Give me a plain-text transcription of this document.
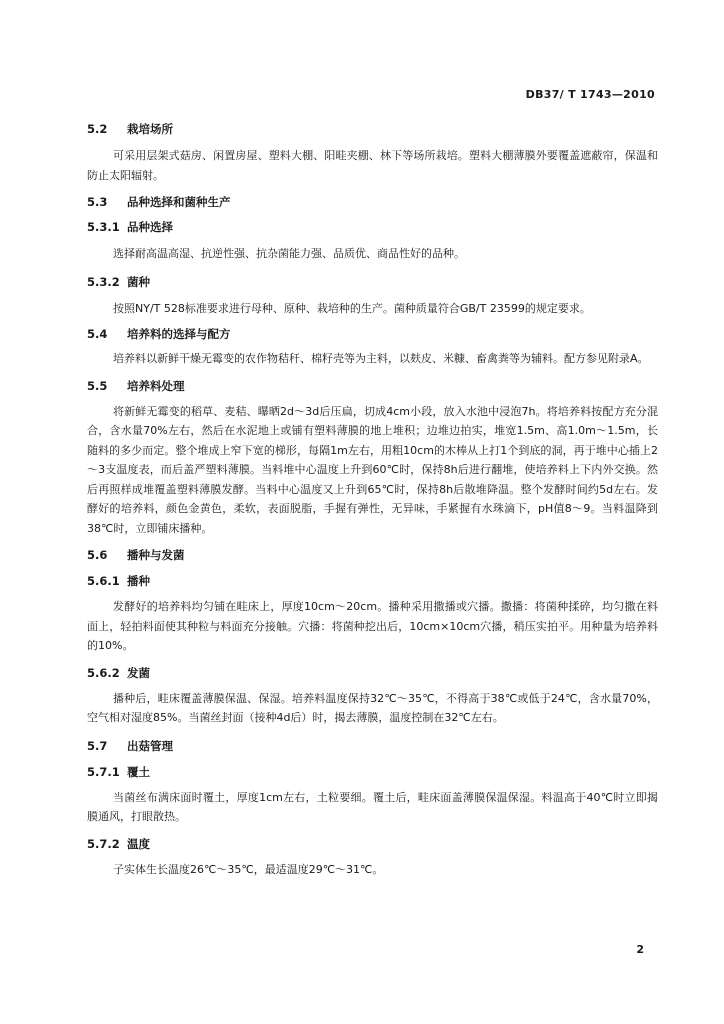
DB37/ T 1743—2010
5.2 栽培场所

可采用层架式菇房、闲置房屋、塑料大棚、阳畦夹棚、林下等场所栽培。塑料大棚薄膜外要覆盖遮蔽帘，保温和防止太阳辐射。

5.3 品种选择和菌种生产
5.3.1 品种选择

选择耐高温高湿、抗逆性强、抗杂菌能力强、品质优、商品性好的品种。

5.3.2 菌种

按照NY/T 528标准要求进行母种、原种、栽培种的生产。菌种质量符合GB/T 23599的规定要求。

5.4 培养料的选择与配方

培养料以新鲜干燥无霉变的农作物秸秆、棉籽壳等为主料，以麸皮、米糠、畜禽粪等为辅料。配方参见附录A。

5.5 培养料处理

将新鲜无霉变的稻草、麦秸、曝晒2d～3d后压扁，切成4cm小段，放入水池中浸泡7h。将培养料按配方充分混合，含水量70%左右，然后在水泥地上或铺有塑料薄膜的地上堆积；边堆边拍实，堆宽1.5m、高1.0m～1.5m，长随料的多少而定。整个堆成上窄下宽的梯形，每隔1m左右，用粗10cm的木棒从上打1个到底的洞，再于堆中心插上2～3支温度表，而后盖严塑料薄膜。当料堆中心温度上升到60℃时，保持8h后进行翻堆，使培养料上下内外交换。然后再照样成堆覆盖塑料薄膜发酵。当料中心温度又上升到65℃时，保持8h后散堆降温。整个发酵时间约5d左右。发酵好的培养料，颜色金黄色，柔软，表面脱脂，手握有弹性，无异味，手紧握有水珠滴下，pH值8～9。当料温降到38℃时，立即铺床播种。

5.6 播种与发菌
5.6.1 播种

发酵好的培养料均匀铺在畦床上，厚度10cm～20cm。播种采用撒播或穴播。撒播：将菌种揉碎，均匀撒在料面上，轻拍料面使其种粒与料面充分接触。穴播：将菌种挖出后，10cm×10cm穴播，稍压实拍平。用种量为培养料的10%。

5.6.2 发菌

播种后，畦床覆盖薄膜保温、保湿。培养料温度保持32℃～35℃，不得高于38℃或低于24℃，含水量70%，空气相对湿度85%。当菌丝封面（接种4d后）时，揭去薄膜，温度控制在32℃左右。

5.7 出菇管理
5.7.1 覆土

当菌丝布满床面时覆土，厚度1cm左右，土粒要细。覆土后，畦床面盖薄膜保温保湿。料温高于40℃时立即揭膜通风，打眼散热。

5.7.2 温度

子实体生长温度26℃～35℃，最适温度29℃～31℃。

2
